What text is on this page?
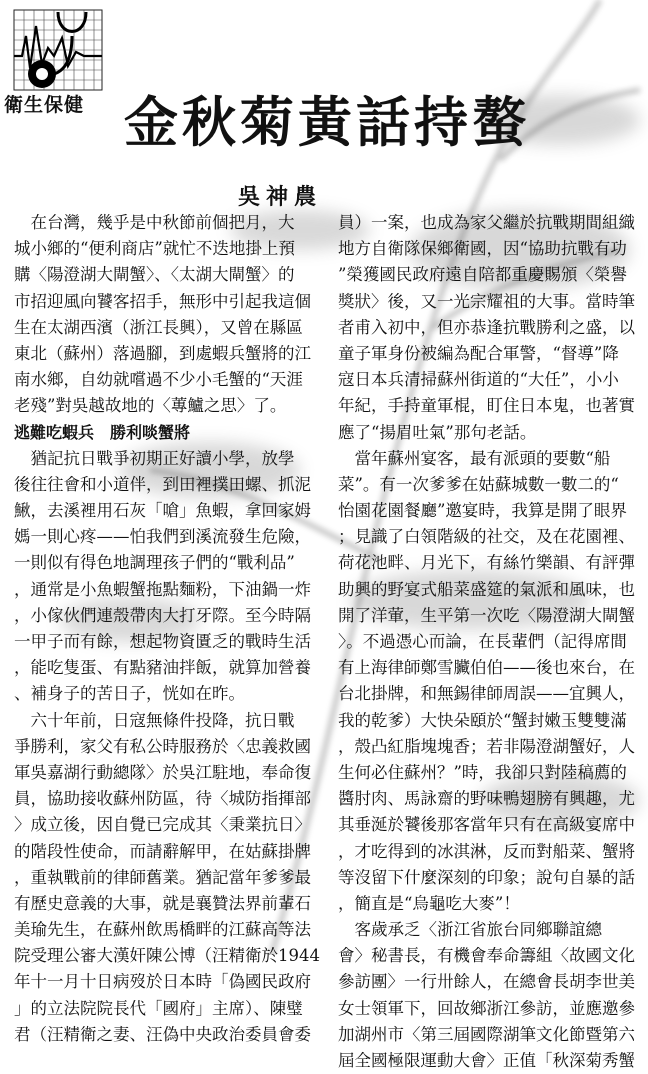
衛生保健 金秋菊黃話持螯
吳神農
　在台灣，幾乎是中秋節前個把月，大
城小鄉的“便利商店”就忙不迭地掛上預
購〈陽澄湖大閘蟹〉、〈太湖大閘蟹〉的
市招迎風向饕客招手，無形中引起我這個
生在太湖西濱（浙江長興），又曾在縣區
東北（蘇州）落過腳，到處蝦兵蟹將的江
南水鄉，自幼就嚐過不少小毛蟹的“天涯
老殘”對吳越故地的〈蓴鱸之思〉了。
逃難吃蝦兵　勝利啖蟹將
　猶記抗日戰爭初期正好讀小學，放學
後往往會和小道伴，到田裡撲田螺、抓泥
鰍，去溪裡用石灰「嗆」魚蝦，拿回家姆
媽一則心疼——怕我們到溪流發生危險，
一則似有得色地調理孩子們的“戰利品”
，通常是小魚蝦蟹拖點麵粉，下油鍋一炸
，小傢伙們連殼帶肉大打牙際。至今時隔
一甲子而有餘，想起物資匱乏的戰時生活
，能吃隻蛋、有點豬油拌飯，就算加營養
、補身子的苦日子，恍如在昨。
　六十年前，日寇無條件投降，抗日戰
爭勝利，家父有私公時服務於〈忠義救國
軍吳嘉湖行動總隊〉於吳江駐地，奉命復
員，協助接收蘇州防區，待〈城防指揮部
〉成立後，因自覺已完成其〈秉業抗日〉
的階段性使命，而請辭解甲，在姑蘇掛牌
，重執戰前的律師舊業。猶記當年爹爹最
有歷史意義的大事，就是襄贊法界前輩石
美瑜先生，在蘇州飲馬橋畔的江蘇高等法
院受理公審大漢奸陳公博（汪精衛於1944
年十一月十日病歿於日本時「偽國民政府
」的立法院院長代「國府」主席）、陳璧
君（汪精衛之妻、汪偽中央政治委員會委
員）一案，也成為家父繼於抗戰期間組織
地方自衛隊保鄉衛國，因“協助抗戰有功
”榮獲國民政府遠自陪都重慶賜頒〈榮譽
獎狀〉後，又一光宗耀祖的大事。當時筆
者甫入初中，但亦恭逢抗戰勝利之盛，以
童子軍身份被編為配合軍警，“督導”降
寇日本兵清掃蘇州街道的“大任”，小小
年紀，手持童軍棍，盯住日本鬼，也著實
應了“揚眉吐氣”那句老話。
　當年蘇州宴客，最有派頭的要數“船
菜”。有一次爹爹在姑蘇城數一數二的“
怡園花園餐廳”邀宴時，我算是開了眼界
；見識了白領階級的社交，及在花園裡、
荷花池畔、月光下，有絲竹樂韻、有評彈
助興的野宴式船菜盛筵的氣派和風味，也
開了洋葷，生平第一次吃〈陽澄湖大閘蟹
〉。不過憑心而論，在長輩們（記得席間
有上海律師鄭雪臟伯伯——後也來台，在
台北掛牌，和無錫律師周誤——宜興人，
我的乾爹）大快朵頤於“蟹封嫩玉雙雙滿
，殼凸紅脂塊塊香；若非陽澄湖蟹好，人
生何必住蘇州？”時，我卻只對陸稿薦的
醬肘肉、馬詠齋的野味鴨翅膀有興趣，尤
其垂涎於饕後那客當年只有在高級宴席中
，才吃得到的冰淇淋，反而對船菜、蟹將
等沒留下什麼深刻的印象；說句自暴的話
，簡直是“烏龜吃大麥”！
　客歲承乏〈浙江省旅台同鄉聯誼總
會〉秘書長，有機會奉命籌組〈故國文化
參訪團〉一行卅餘人，在總會長胡李世美
女士領軍下，回故鄉浙江參訪，並應邀參
加湖州市〈第三屆國際湖筆文化節暨第六
屆全國極限運動大會〉正值「秋深菊秀蟹
